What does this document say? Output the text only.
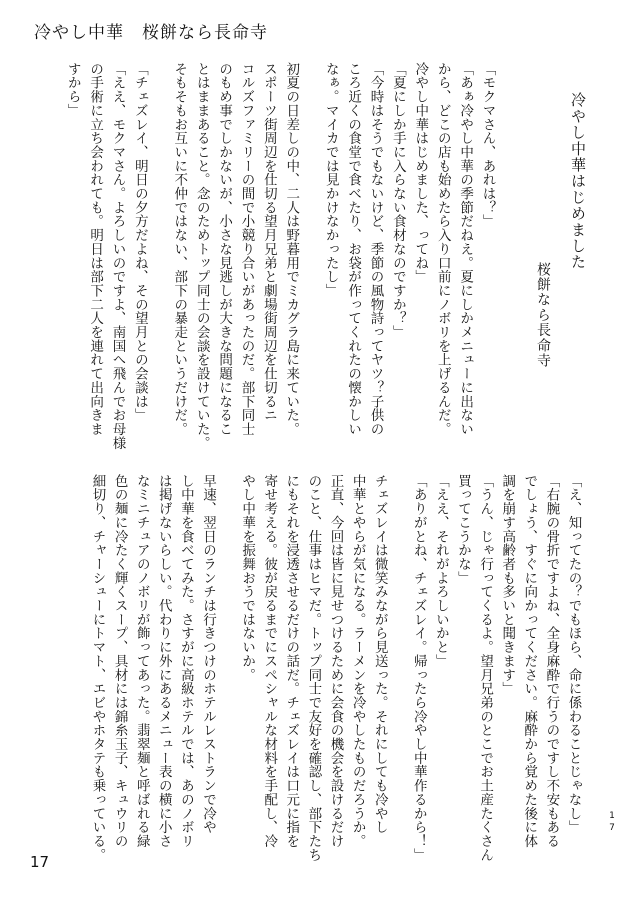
冷やし中華　桜餅なら長命寺
冷やし中華はじめました
桜餅なら長命寺
「モクマさん、あれは？」
「あぁ冷やし中華の季節だねえ。夏にしかメニューに出ない
から、どこの店も始めたら入り口前にノボリを上げるんだ。
冷やし中華はじめました、ってね」
「夏にしか手に入らない食材なのですか？」
「今時はそうでもないけど、季節の風物詩ってヤツ？子供の
ころ近くの食堂で食べたり、お袋が作ってくれたの懐かしい
なぁ。マイカでは見かけなかったし」
初夏の日差しの中、二人は野暮用でミカグラ島に来ていた。
スポーツ街周辺を仕切る望月兄弟と劇場街周辺を仕切るニ
コルズファミリーの間で小競り合いがあったのだ。部下同士
のもめ事でしかないが、小さな見逃しが大きな問題になるこ
とはままあること。念のためトップ同士の会談を設けていた。
そもそもお互いに不仲ではない、部下の暴走というだけだ。
「チェズレイ、明日の夕方だよね、その望月との会談は」
「ええ、モクマさん。よろしいのですよ、南国へ飛んでお母様
の手術に立ち会われても。明日は部下二人を連れて出向きま
すから」
「え、知ってたの？でもほら、命に係わることじゃなし」
「右腕の骨折ですよね、全身麻酔で行うのですし不安もある
でしょう、すぐに向かってください。麻酔から覚めた後に体
調を崩す高齢者も多いと聞きます」
「うん、じゃ行ってくるよ。望月兄弟のとこでお土産たくさん
買ってこうかな」
「ええ、それがよろしいかと」
「ありがとね、チェズレイ。帰ったら冷やし中華作るから！」
チェズレイは微笑みながら見送った。それにしても冷やし
中華とやらが気になる。ラーメンを冷やしたものだろうか。
正直、今回は皆に見せつけるために会食の機会を設けるだけ
のこと、仕事はヒマだ。トップ同士で友好を確認し、部下たち
にもそれを浸透させるだけの話だ。チェズレイは口元に指を
寄せ考える。彼が戻るまでにスペシャルな材料を手配し、冷
やし中華を振舞おうではないか。
早速、翌日のランチは行きつけのホテルレストランで冷や
し中華を食べてみた。さすがに高級ホテルでは、あのノボリ
は掲げないらしい。代わりに外にあるメニュー表の横に小さ
なミニチュアのノボリが飾ってあった。翡翠麺と呼ばれる緑
色の麺に冷たく輝くスープ、具材には錦糸玉子、キュウリの
細切り、チャーシューにトマト、エビやホタテも乗っている。
17
17
